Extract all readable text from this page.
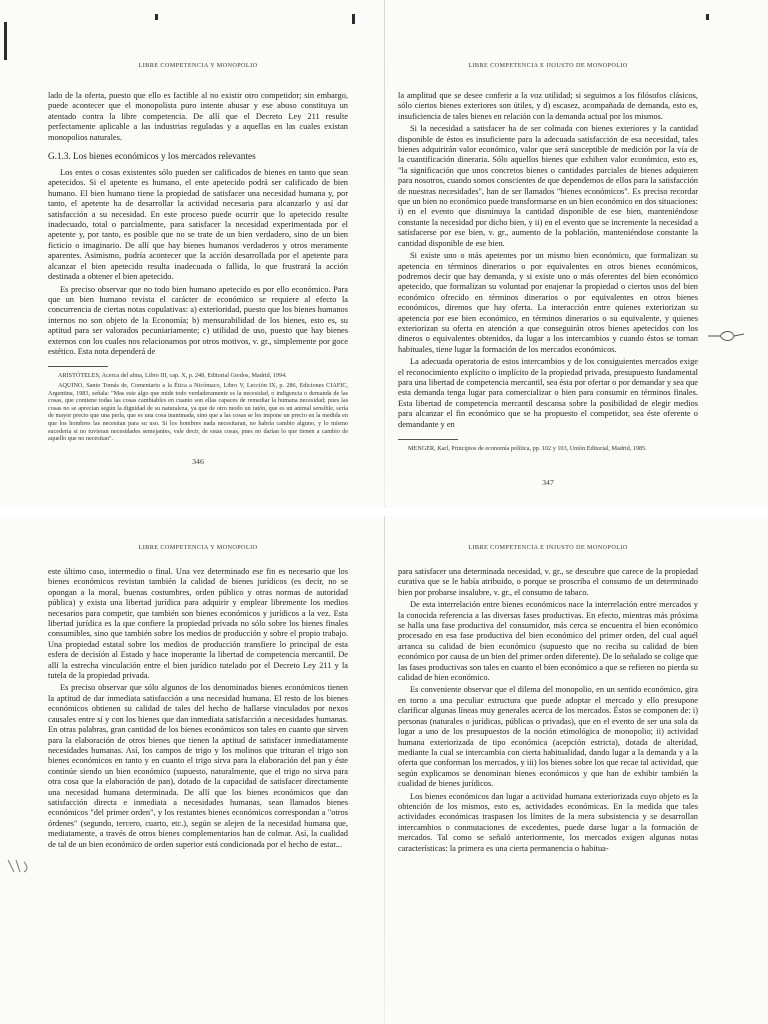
LIBRE COMPETENCIA Y MONOPOLIO

lado de la oferta, puesto que ello es factible al no existir otro competidor; sin embargo, puede acontecer que el monopolista puro intente abusar y ese abuso constituya un atentado contra la libre competencia. De allí que el Decreto Ley 211 resulte perfectamente aplicable a las industrias reguladas y a aquellas en las cuales existan monopolios naturales.

G.1.3. Los bienes económicos y los mercados relevantes

Los entes o cosas existentes sólo pueden ser calificados de bienes en tanto que sean apetecidos. Si el apetente es humano, el ente apetecido podrá ser calificado de bien humano. El bien humano tiene la propiedad de satisfacer una necesidad humana y, por tanto, el apetente ha de desarrollar la actividad necesaria para alcanzarlo y así dar satisfacción a su necesidad. En este proceso puede ocurrir que lo apetecido resulte inadecuado, total o parcialmente, para satisfacer la necesidad experimentada por el apetente y, por tanto, es posible que no se trate de un bien verdadero, sino de un bien ficticio o imaginario. De allí que hay bienes humanos verdaderos y otros meramente aparentes. Asimismo, podría acontecer que la acción desarrollada por el apetente para alcanzar el bien apetecido resulta inadecuada o fallida, lo que frustrará la acción destinada a obtener el bien apetecido.

Es preciso observar que no todo bien humano apetecido es por ello económico. Para que un bien humano revista el carácter de económico se requiere al efecto la concurrencia de ciertas notas copulativas: a) exterioridad, puesto que los bienes humanos internos no son objeto de la Economía; b) mensurabilidad de los bienes, esto es, su aptitud para ser valorados pecuniariamente; c) utilidad de uso, puesto que hay bienes externos con los cuales nos relacionamos por otros motivos, v. gr., simplemente por goce estético. Esta nota dependerá de

ARISTÓTELES, Acerca del alma, Libro III, cap. X, p. 248, Editorial Gredos, Madrid, 1994.

AQUINO, Santo Tomás de, Comentario a la Ética a Nicómaco, Libro V, Lección IX, p. 286, Ediciones CIAFIC, Argentina, 1983, señala: "Mas este algo que mide todo verdaderamente es la necesidad, o indigencia o demanda de las cosas, que contiene todas las cosas cambiables en cuanto son ellas capaces de remediar la humana necesidad; pues las cosas no se aprecian según la dignidad de su naturaleza, ya que de otro modo un ratón, que es un animal sensible, sería de mayor precio que una perla, que es una cosa inanimada, sino que a las cosas se les impone un precio en la medida en que los hombres las necesitan para su uso. Si los hombres nada necesitaran, no habría cambio alguno, y lo mismo sucedería si no tuvieran necesidades semejantes, vale decir, de estas cosas, pues no darían lo que tienen a cambio de aquello que no necesitan".

346
LIBRE COMPETENCIA E INJUSTO DE MONOPOLIO

la amplitud que se desee conferir a la voz utilidad; si seguimos a los filósofos clásicos, sólo ciertos bienes exteriores son útiles, y d) escasez, acompañada de demanda, esto es, insuficiencia de tales bienes en relación con la demanda actual por los mismos.

Si la necesidad a satisfacer ha de ser colmada con bienes exteriores y la cantidad disponible de éstos es insuficiente para la adecuada satisfacción de esa necesidad, tales bienes adquirirán valor económico, valor que será susceptible de medición por la vía de la cuantificación dineraria. Sólo aquellos bienes que exhiben valor económico, esto es, "la significación que unos concretos bienes o cantidades parciales de bienes adquieren para nosotros, cuando somos conscientes de que dependemos de ellos para la satisfacción de nuestras necesidades", han de ser llamados "bienes económicos". Es preciso recordar que un bien no económico puede transformarse en un bien económico en dos situaciones: i) en el evento que disminuya la cantidad disponible de ese bien, manteniéndose constante la necesidad por dicho bien, y ii) en el evento que se incremente la necesidad a satisfacerse por ese bien, v. gr., aumento de la población, manteniéndose constante la cantidad disponible de ese bien.

Si existe uno o más apetentes por un mismo bien económico, que formalizan su apetencia en términos dinerarios o por equivalentes en otros bienes económicos, podremos decir que hay demanda, y si existe uno o más oferentes del bien económico apetecido, que formalizan su voluntad por enajenar la propiedad o ciertos usos del bien económico ofrecido en términos dinerarios o por equivalentes en otros bienes económicos, diremos que hay oferta. La interacción entre quienes exteriorizan su apetencia por ese bien económico, en términos dinerarios o su equivalente, y quienes exteriorizan su oferta en atención a que conseguirán otros bienes apetecidos con los dineros o equivalentes obtenidos, da lugar a los intercambios y cuando éstos se tornan habituales, tiene lugar la formación de los mercados económicos.

La adecuada operatoria de estos intercambios y de los consiguientes mercados exige el reconocimiento explícito o implícito de la propiedad privada, presupuesto fundamental para una libertad de competencia mercantil, sea ésta por ofertar o por demandar y sea que esta demanda tenga lugar para comercializar o bien para consumir en términos finales. Esta libertad de competencia mercantil descansa sobre la posibilidad de elegir medios para alcanzar el fin económico que se ha propuesto el competidor, sea éste oferente o demandante y en

MENGER, Karl, Principios de economía política, pp. 102 y 103, Unión Editorial, Madrid, 1985.

347
LIBRE COMPETENCIA Y MONOPOLIO

este último caso, intermedio o final. Una vez determinado ese fin es necesario que los bienes económicos revistan también la calidad de bienes jurídicos (es decir, no se opongan a la moral, buenas costumbres, orden público y otras normas de autoridad pública) y exista una libertad jurídica para adquirir y emplear libremente los medios necesarios para competir, que también son bienes económicos y jurídicos a la vez. Esta libertad jurídica es la que confiere la propiedad privada no sólo sobre los bienes finales consumibles, sino que también sobre los medios de producción y sobre el propio trabajo. Una propiedad estatal sobre los medios de producción transfiere lo principal de esta esfera de decisión al Estado y hace inoperante la libertad de competencia mercantil. De allí la estrecha vinculación entre el bien jurídico tutelado por el Decreto Ley 211 y la tutela de la propiedad privada.

Es preciso observar que sólo algunos de los denominados bienes económicos tienen la aptitud de dar inmediata satisfacción a una necesidad humana. El resto de los bienes económicos obtienen su calidad de tales del hecho de hallarse vinculados por nexos causales entre sí y con los bienes que dan inmediata satisfacción a necesidades humanas. En otras palabras, gran cantidad de los bienes económicos son tales en cuanto que sirven para la elaboración de otros bienes que tienen la aptitud de satisfacer inmediatamente necesidades humanas. Así, los campos de trigo y los molinos que trituran el trigo son bienes económicos en tanto y en cuanto el trigo sirva para la elaboración del pan y éste continúe siendo un bien económico (supuesto, naturalmente, que el trigo no sirva para otra cosa que la elaboración de pan), dotado de la capacidad de satisfacer directamente una necesidad humana determinada. De allí que los bienes económicos que dan satisfacción directa e inmediata a necesidades humanas, sean llamados bienes económicos "del primer orden", y los restantes bienes económicos correspondan a "otros órdenes" (segundo, tercero, cuarto, etc.), según se alejen de la necesidad humana que, mediatamente, a través de otros bienes complementarios han de colmar. Así, la cualidad de tal de un bien económico de orden superior está condicionada por el hecho de estar...

LIBRE COMPETENCIA E INJUSTO DE MONOPOLIO

para satisfacer una determinada necesidad, v. gr., se descubre que carece de la propiedad curativa que se le había atribuido, o porque se proscriba el consumo de un determinado bien por probarse insalubre, v. gr., el consumo de tabaco.

De esta interrelación entre bienes económicos nace la interrelación entre mercados y la conocida referencia a las diversas fases productivas. En efecto, mientras más próxima se halla una fase productiva del consumidor, más cerca se encuentra el bien económico procesado en esa fase productiva del bien económico del primer orden, del cual aquél arranca su calidad de bien económico (supuesto que no reciba su calidad de bien económico por causa de un bien del primer orden diferente). De lo señalado se colige que las fases productivas son tales en cuanto el bien económico a que se refieren no pierda su calidad de bien económico.

Es conveniente observar que el dilema del monopolio, en un sentido económico, gira en torno a una peculiar estructura que puede adoptar el mercado y ello presupone clarificar algunas líneas muy generales acerca de los mercados. Éstos se componen de: i) personas (naturales o jurídicas, públicas o privadas), que en el evento de ser una sola da lugar a uno de los presupuestos de la noción etimológica de monopolio; ii) actividad humana exteriorizada de tipo económica (acepción estricta), dotada de alteridad, mediante la cual se intercambia con cierta habitualidad, dando lugar a la demanda y a la oferta que conforman los mercados, y iii) los bienes sobre los que recae tal actividad, que según explicamos se denominan bienes económicos y que han de exhibir también la cualidad de bienes jurídicos.

Los bienes económicos dan lugar a actividad humana exteriorizada cuyo objeto es la obtención de los mismos, esto es, actividades económicas. En la medida que tales actividades económicas traspasen los límites de la mera subsistencia y se desarrollan intercambios o conmutaciones de excedentes, puede darse lugar a la formación de mercados. Tal como se señaló anteriormente, los mercados exigen algunas notas características: la primera es una cierta permanencia o habitua-
